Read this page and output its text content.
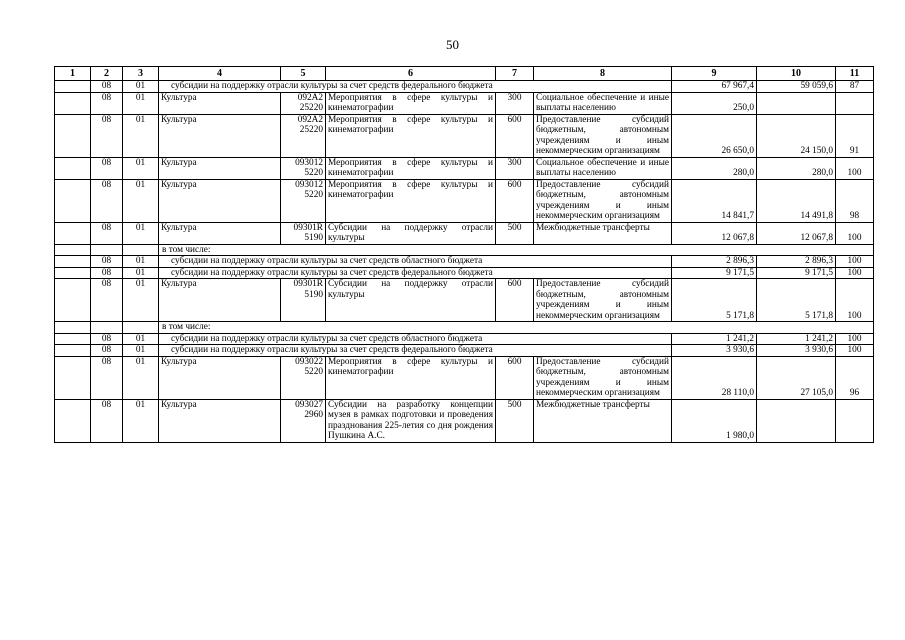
50
1	2	3	4	5	6	7	8	9	10	11
	08	01	субсидии на поддержку отрасли культуры за счет средств федерального бюджета					67 967,4	59 059,6	87
	08	01	Культура	092А2 25220	Мероприятия в сфере культуры и кинематографии	300	Социальное обеспечение и иные выплаты населению	250,0		
	08	01	Культура	092А2 25220	Мероприятия в сфере культуры и кинематографии	600	Предоставление субсидий бюджетным, автономным учреждениям и иным некоммерческим организациям	26 650,0	24 150,0	91
	08	01	Культура	093012 5220	Мероприятия в сфере культуры и кинематографии	300	Социальное обеспечение и иные выплаты населению	280,0	280,0	100
	08	01	Культура	093012 5220	Мероприятия в сфере культуры и кинематографии	600	Предоставление субсидий бюджетным, автономным учреждениям и иным некоммерческим организациям	14 841,7	14 491,8	98
	08	01	Культура	09301R 5190	Субсидии на поддержку отрасли культуры	500	Межбюджетные трансферты	12 067,8	12 067,8	100
			в том числе:							
	08	01	субсидии на поддержку отрасли культуры за счет средств областного бюджета					2 896,3	2 896,3	100
	08	01	субсидии на поддержку отрасли культуры за счет средств федерального бюджета					9 171,5	9 171,5	100
	08	01	Культура	09301R 5190	Субсидии на поддержку отрасли культуры	600	Предоставление субсидий бюджетным, автономным учреждениям и иным некоммерческим организациям	5 171,8	5 171,8	100
			в том числе:							
	08	01	субсидии на поддержку отрасли культуры за счет средств областного бюджета					1 241,2	1 241,2	100
	08	01	субсидии на поддержку отрасли культуры за счет средств федерального бюджета					3 930,6	3 930,6	100
	08	01	Культура	093022 5220	Мероприятия в сфере культуры и кинематографии	600	Предоставление субсидий бюджетным, автономным учреждениям и иным некоммерческим организациям	28 110,0	27 105,0	96
	08	01	Культура	093027 2960	Субсидии на разработку концепции музея в рамках подготовки и проведения празднования 225-летия со дня рождения Пушкина А.С.	500	Межбюджетные трансферты	1 980,0		
